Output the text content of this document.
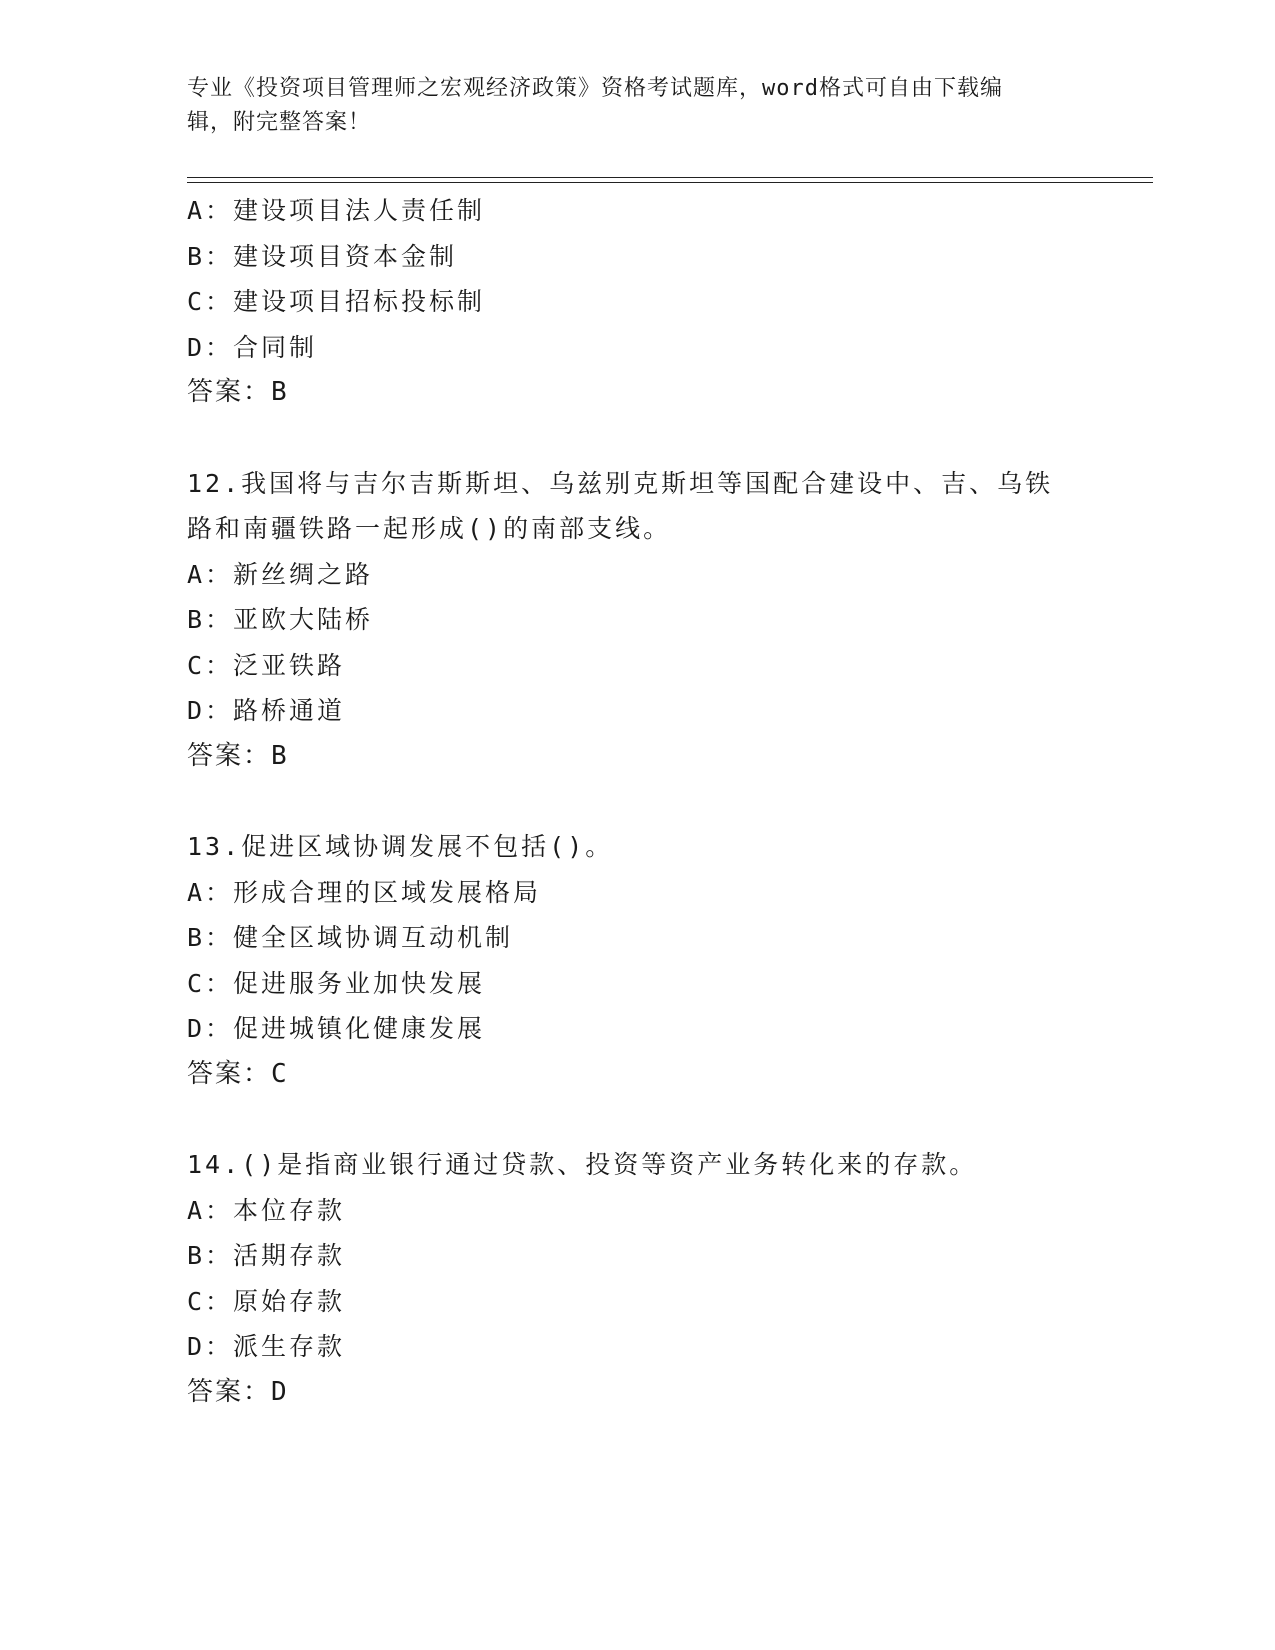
专业《投资项目管理师之宏观经济政策》资格考试题库，word格式可自由下载编
辑，附完整答案！
A：建设项目法人责任制
B：建设项目资本金制
C：建设项目招标投标制
D：合同制
答案：B
12.我国将与吉尔吉斯斯坦、乌兹别克斯坦等国配合建设中、吉、乌铁
路和南疆铁路一起形成()的南部支线。
A：新丝绸之路
B：亚欧大陆桥
C：泛亚铁路
D：路桥通道
答案：B
13.促进区域协调发展不包括()。
A：形成合理的区域发展格局
B：健全区域协调互动机制
C：促进服务业加快发展
D：促进城镇化健康发展
答案：C
14.()是指商业银行通过贷款、投资等资产业务转化来的存款。
A：本位存款
B：活期存款
C：原始存款
D：派生存款
答案：D
